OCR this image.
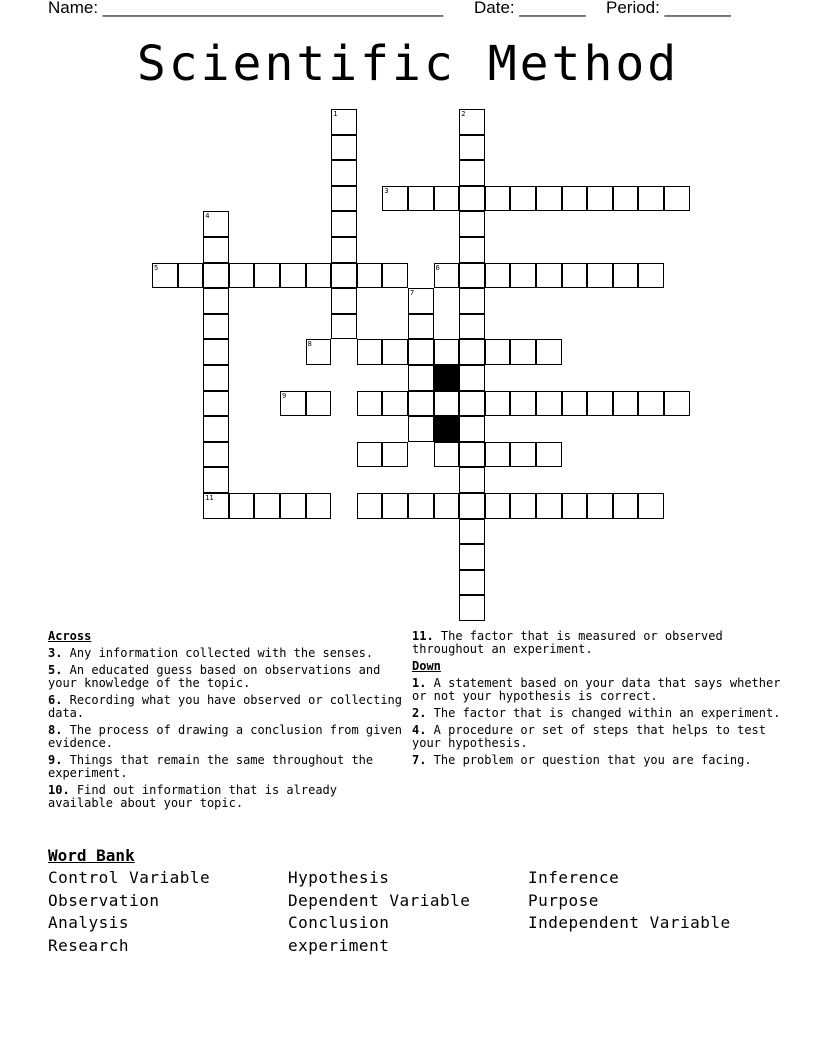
Name: ____________________________________

Date: _______

Period: _______

Scientific Method
1	2
3
4
5	6
7
8
9
11
Across
3. Any information collected with the senses.
5. An educated guess based on observations and your knowledge of the topic.
6. Recording what you have observed or collecting data.
8. The process of drawing a conclusion from given evidence.
9. Things that remain the same throughout the experiment.
10. Find out information that is already available about your topic.
11. The factor that is measured or observed throughout an experiment.
Down
1. A statement based on your data that says whether or not your hypothesis is correct.
2. The factor that is changed within an experiment.
4. A procedure or set of steps that helps to test your hypothesis.
7. The problem or question that you are facing.
Word Bank
Control Variable
Observation
Analysis
Research
Hypothesis
Dependent Variable
Conclusion
experiment
Inference
Purpose
Independent Variable
